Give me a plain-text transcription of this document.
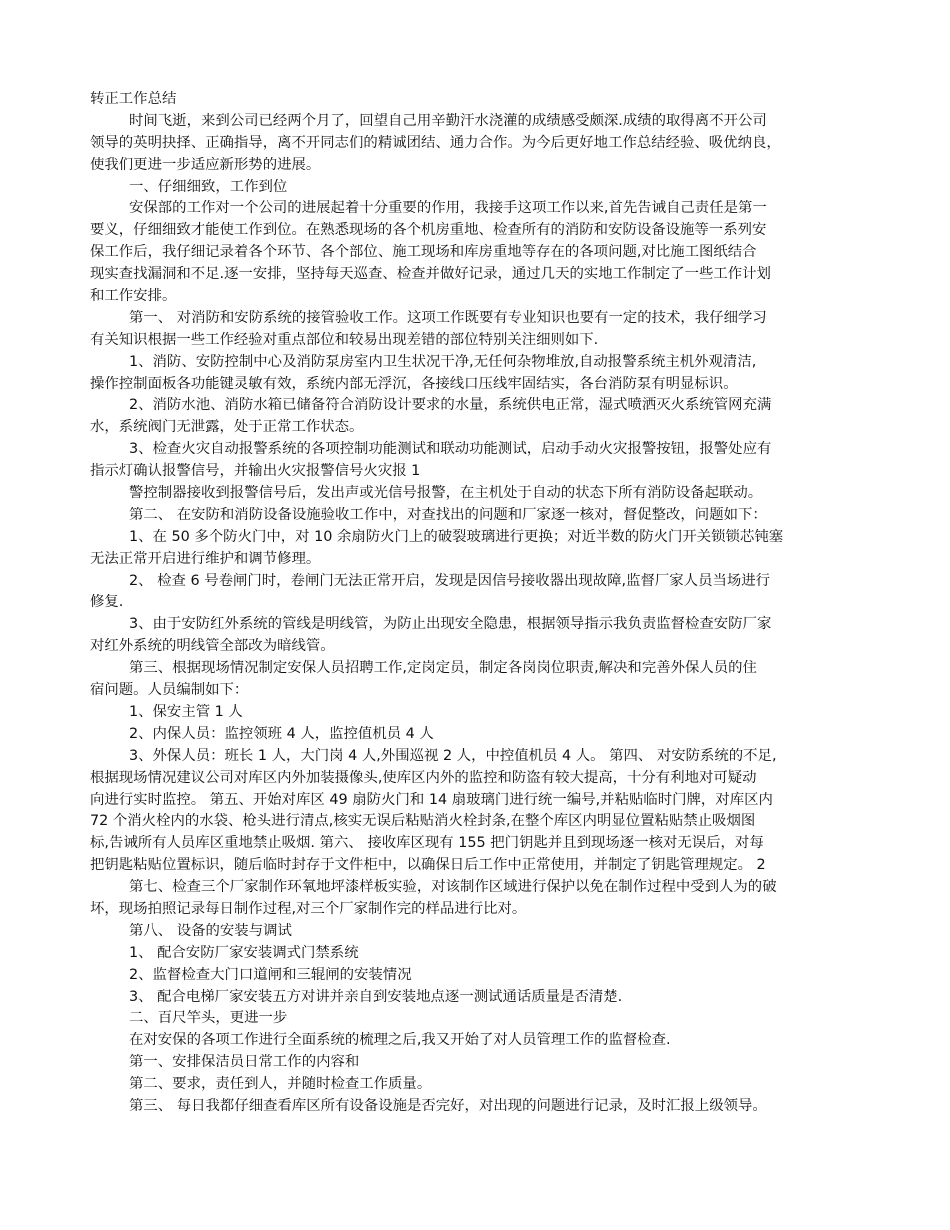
转正工作总结
时间飞逝，来到公司已经两个月了，回望自己用辛勤汗水浇灌的成绩感受颇深.成绩的取得离不开公司
领导的英明抉择、正确指导，离不开同志们的精诚团结、通力合作。为今后更好地工作总结经验、吸优纳良，
使我们更进一步适应新形势的进展。
一、仔细细致，工作到位
安保部的工作对一个公司的进展起着十分重要的作用，我接手这项工作以来,首先告诫自己责任是第一
要义，仔细细致才能使工作到位。在熟悉现场的各个机房重地、检查所有的消防和安防设备设施等一系列安
保工作后，我仔细记录着各个环节、各个部位、施工现场和库房重地等存在的各项问题,对比施工图纸结合
现实查找漏洞和不足.逐一安排，坚持每天巡查、检查并做好记录，通过几天的实地工作制定了一些工作计划
和工作安排。
第一、 对消防和安防系统的接管验收工作。这项工作既要有专业知识也要有一定的技术，我仔细学习
有关知识根据一些工作经验对重点部位和较易出现差错的部位特别关注细则如下.
1、消防、安防控制中心及消防泵房室内卫生状况干净,无任何杂物堆放,自动报警系统主机外观清洁,
操作控制面板各功能键灵敏有效，系统内部无浮沉，各接线口压线牢固结实，各台消防泵有明显标识。
2、消防水池、消防水箱已储备符合消防设计要求的水量，系统供电正常，湿式喷洒灭火系统管网充满
水，系统阀门无泄露，处于正常工作状态。
3、检查火灾自动报警系统的各项控制功能测试和联动功能测试，启动手动火灾报警按钮，报警处应有
指示灯确认报警信号，并输出火灾报警信号火灾报 1
警控制器接收到报警信号后，发出声或光信号报警，在主机处于自动的状态下所有消防设备起联动。
第二、 在安防和消防设备设施验收工作中，对查找出的问题和厂家逐一核对，督促整改，问题如下：
1、在 50 多个防火门中，对 10 余扇防火门上的破裂玻璃进行更换；对近半数的防火门开关锁锁芯钝塞
无法正常开启进行维护和调节修理。
2、 检查 6 号卷闸门时，卷闸门无法正常开启，发现是因信号接收器出现故障,监督厂家人员当场进行
修复.
3、由于安防红外系统的管线是明线管，为防止出现安全隐患，根据领导指示我负责监督检查安防厂家
对红外系统的明线管全部改为暗线管。
第三、根据现场情况制定安保人员招聘工作,定岗定员，制定各岗岗位职责,解决和完善外保人员的住
宿问题。人员编制如下：
1、保安主管 1 人
2、内保人员：监控领班 4 人，监控值机员 4 人
3、外保人员：班长 1 人，大门岗 4 人,外围巡视 2 人，中控值机员 4 人。 第四、 对安防系统的不足,
根据现场情况建议公司对库区内外加装摄像头,使库区内外的监控和防盗有较大提高，十分有利地对可疑动
向进行实时监控。 第五、开始对库区 49 扇防火门和 14 扇玻璃门进行统一编号,并粘贴临时门牌，对库区内
72 个消火栓内的水袋、枪头进行清点,核实无误后粘贴消火栓封条,在整个库区内明显位置粘贴禁止吸烟图
标,告诫所有人员库区重地禁止吸烟. 第六、 接收库区现有 155 把门钥匙并且到现场逐一核对无误后，对每
把钥匙粘贴位置标识，随后临时封存于文件柜中，以确保日后工作中正常使用，并制定了钥匙管理规定。 2
第七、检查三个厂家制作环氧地坪漆样板实验，对该制作区域进行保护以免在制作过程中受到人为的破
坏，现场拍照记录每日制作过程,对三个厂家制作完的样品进行比对。
第八、 设备的安装与调试
1、 配合安防厂家安装调式门禁系统
2、监督检查大门口道闸和三辊闸的安装情况
3、 配合电梯厂家安装五方对讲并亲自到安装地点逐一测试通话质量是否清楚.
二、百尺竿头，更进一步
在对安保的各项工作进行全面系统的梳理之后,我又开始了对人员管理工作的监督检查.
第一、安排保洁员日常工作的内容和
第二、要求，责任到人，并随时检查工作质量。
第三、 每日我都仔细查看库区所有设备设施是否完好，对出现的问题进行记录，及时汇报上级领导。
